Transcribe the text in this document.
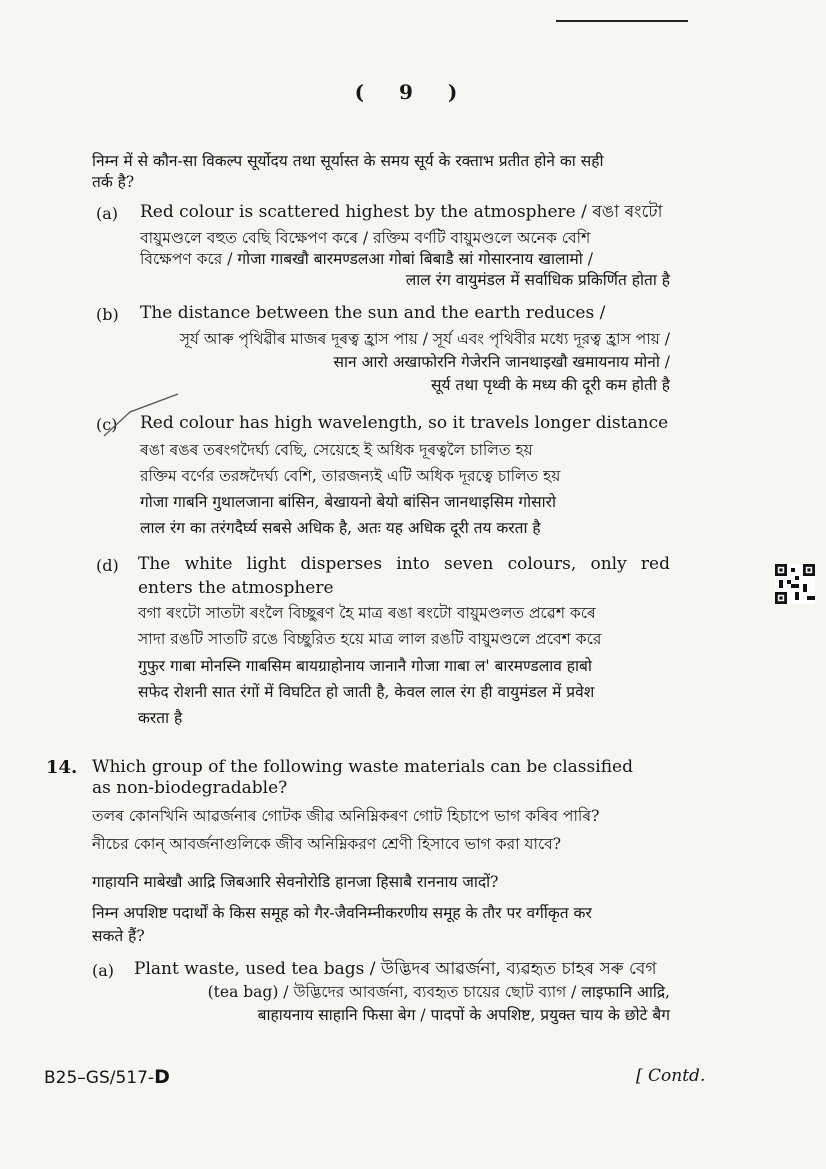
( 9 )
निम्न में से कौन-सा विकल्प सूर्योदय तथा सूर्यास्त के समय सूर्य के रक्ताभ प्रतीत होने का सही
तर्क है?
(a) Red colour is scattered highest by the atmosphere / ৰঙা ৰংটো
বায়ুমণ্ডলে বহুত বেছি বিক্ষেপণ কৰে / রক্তিম বর্ণটি বায়ুমণ্ডলে অনেক বেশি
বিক্ষেপণ করে / गोजा गाबखौ बारमण्डलआ गोबां बिबाडै स्रां गोसारनाय खालामो /
लाल रंग वायुमंडल में सर्वाधिक प्रकिर्णित होता है
(b) The distance between the sun and the earth reduces /
সূৰ্য আৰু পৃথিৱীৰ মাজৰ দূৰত্ব হ্ৰাস পায় / সূর্য এবং পৃথিবীর মধ্যে দূরত্ব হ্রাস পায় /
सान आरो अखाफोरनि गेजेरनि जानथाइखौ खमायनाय मोनो /
सूर्य तथा पृथ्वी के मध्य की दूरी कम होती है
(c) Red colour has high wavelength, so it travels longer distance
ৰঙা ৰঙৰ তৰংগদৈৰ্ঘ্য বেছি, সেয়েহে ই অধিক দূৰত্বলৈ চালিত হয়
রক্তিম বর্ণের তরঙ্গদৈর্ঘ্য বেশি, তারজন্যই এটি অধিক দূরত্বে চালিত হয়
गोजा गाबनि गुथालजाना बांसिन, बेखायनो बेयो बांसिन जानथाइसिम गोसारो
लाल रंग का तरंगदैर्घ्य सबसे अधिक है, अतः यह अधिक दूरी तय करता है
(d) The white light disperses into seven colours, only red
enters the atmosphere
বগা ৰংটো সাতটা ৰংলৈ বিচ্ছুৰণ হৈ মাত্ৰ ৰঙা ৰংটো বায়ুমণ্ডলত প্ৰৱেশ কৰে
সাদা রঙটি সাতটি রঙে বিচ্ছুরিত হয়ে মাত্র লাল রঙটি বায়ুমণ্ডলে প্রবেশ করে
गुफुर गाबा मोनस्नि गाबसिम बायग्राहोनाय जानानै गोजा गाबा ल' बारमण्डलाव हाबो
सफेद रोशनी सात रंगों में विघटित हो जाती है, केवल लाल रंग ही वायुमंडल में प्रवेश
करता है
14. Which group of the following waste materials can be classified
as non-biodegradable?
তলৰ কোনখিনি আৱৰ্জনাৰ গোটক জীৱ অনিম্নিকৰণ গোট হিচাপে ভাগ কৰিব পাৰি?
নীচের কোন্ আবর্জনাগুলিকে জীব অনিম্নিকরণ শ্রেণী হিসাবে ভাগ করা যাবে?
गाहायनि माबेखौ आद्रि जिबआरि सेवनोरोडि हानजा हिसाबै राननाय जादों?
निम्न अपशिष्ट पदार्थों के किस समूह को गैर-जैवनिम्नीकरणीय समूह के तौर पर वर्गीकृत कर
सकते हैं?
(a) Plant waste, used tea bags / উদ্ভিদৰ আৱৰ্জনা, ব্যৱহৃত চাহৰ সৰু বেগ
(tea bag) / উদ্ভিদের আবর্জনা, ব্যবহৃত চায়ের ছোট ব্যাগ / लाइफानि आद्रि,
बाहायनाय साहानि फिसा बेग / पादपों के अपशिष्ट, प्रयुक्त चाय के छोटे बैग
B25–GS/517-D	[ Contd.
